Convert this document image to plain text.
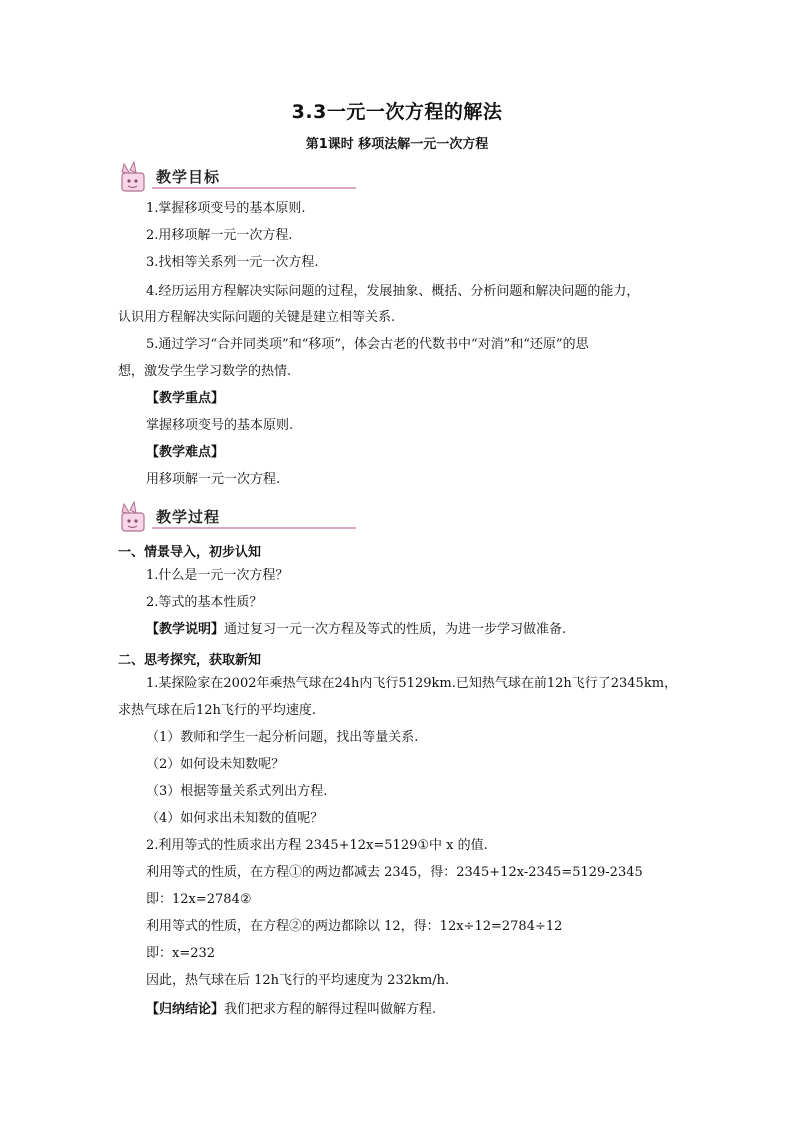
3.3一元一次方程的解法
第1课时 移项法解一元一次方程
教学目标
1.掌握移项变号的基本原则.
2.用移项解一元一次方程.
3.找相等关系列一元一次方程.
4.经历运用方程解决实际问题的过程，发展抽象、概括、分析问题和解决问题的能力，
认识用方程解决实际问题的关键是建立相等关系.
5.通过学习“合并同类项”和“移项”，体会古老的代数书中“对消”和“还原”的思
想，激发学生学习数学的热情.
【教学重点】
掌握移项变号的基本原则.
【教学难点】
用移项解一元一次方程.
教学过程
一、情景导入，初步认知
1.什么是一元一次方程？
2.等式的基本性质？
【教学说明】通过复习一元一次方程及等式的性质，为进一步学习做准备.
二、思考探究，获取新知
1.某探险家在2002年乘热气球在24h内飞行5129km.已知热气球在前12h飞行了2345km，
求热气球在后12h飞行的平均速度.
（1）教师和学生一起分析问题，找出等量关系.
（2）如何设未知数呢？
（3）根据等量关系式列出方程.
（4）如何求出未知数的值呢？
2.利用等式的性质求出方程 2345+12x=5129①中 x 的值.
利用等式的性质，在方程①的两边都减去 2345，得：2345+12x-2345=5129-2345
即：12x=2784②
利用等式的性质，在方程②的两边都除以 12，得：12x÷12=2784÷12
即：x=232
因此，热气球在后 12h飞行的平均速度为 232km/h.
【归纳结论】我们把求方程的解得过程叫做解方程.
